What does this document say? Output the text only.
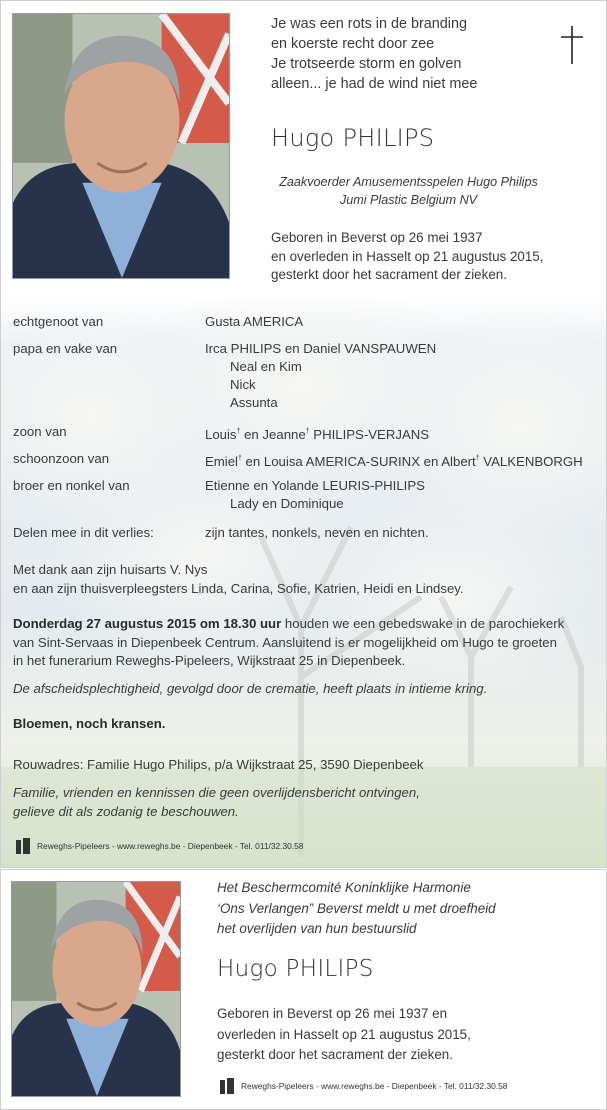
Je was een rots in de branding
en koerste recht door zee
Je trotseerde storm en golven
alleen... je had de wind niet mee
Hugo PHILIPS
Zaakvoerder Amusementsspelen Hugo Philips
Jumi Plastic Belgium NV
Geboren in Beverst op 26 mei 1937
en overleden in Hasselt op 21 augustus 2015,
gesterkt door het sacrament der zieken.
echtgenoot van	Gusta AMERICA
papa en vake van	Irca PHILIPS en Daniel VANSPAUWEN
Neal en Kim
Nick
Assunta
zoon van	Louis† en Jeanne† PHILIPS-VERJANS
schoonzoon van	Emiel† en Louisa AMERICA-SURINX en Albert† VALKENBORGH
broer en nonkel van	Etienne en Yolande LEURIS-PHILIPS
Lady en Dominique
Delen mee in dit verlies:	zijn tantes, nonkels, neven en nichten.
Met dank aan zijn huisarts V. Nys
en aan zijn thuisverpleegsters Linda, Carina, Sofie, Katrien, Heidi en Lindsey.
Donderdag 27 augustus 2015 om 18.30 uur houden we een gebedswake in de parochiekerk
van Sint-Servaas in Diepenbeek Centrum. Aansluitend is er mogelijkheid om Hugo te groeten
in het funerarium Reweghs-Pipeleers, Wijkstraat 25 in Diepenbeek.
De afscheidsplechtigheid, gevolgd door de crematie, heeft plaats in intieme kring.
Bloemen, noch kransen.
Rouwadres: Familie Hugo Philips, p/a Wijkstraat 25, 3590 Diepenbeek
Familie, vrienden en kennissen die geen overlijdensbericht ontvingen,
gelieve dit als zodanig te beschouwen.
Reweghs-Pipeleers - www.reweghs.be - Diepenbeek - Tel. 011/32.30.58
Het Beschermcomité Koninklijke Harmonie
‘Ons Verlangen” Beverst meldt u met droefheid
het overlijden van hun bestuurslid
Hugo PHILIPS
Geboren in Beverst op 26 mei 1937 en
overleden in Hasselt op 21 augustus 2015,
gesterkt door het sacrament der zieken.
Reweghs-Pipeleers - www.reweghs.be - Diepenbeek - Tel. 011/32.30.58
